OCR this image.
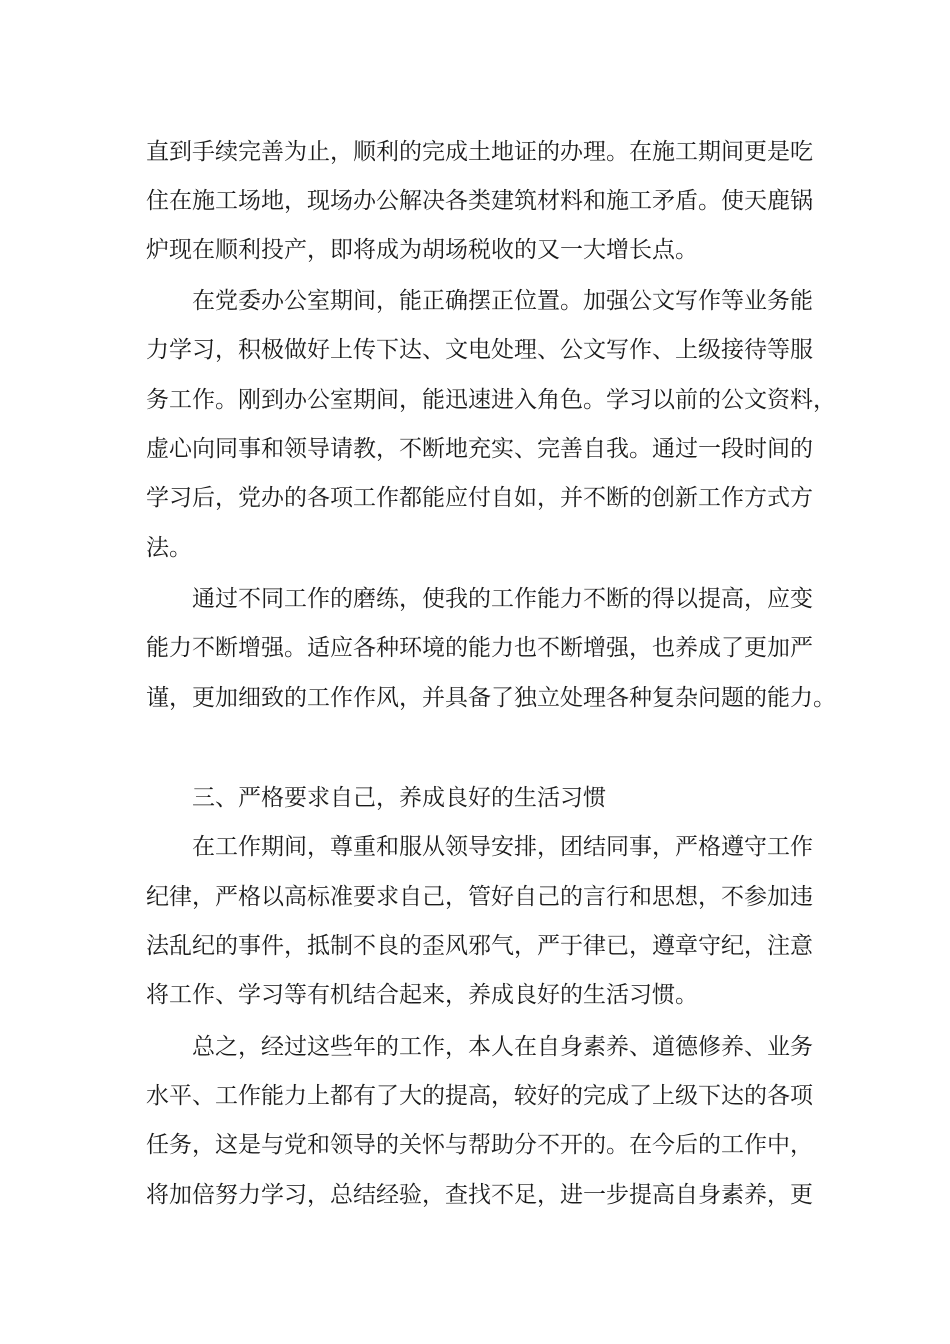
直到手续完善为止，顺利的完成土地证的办理。在施工期间更是吃
住在施工场地，现场办公解决各类建筑材料和施工矛盾。使天鹿锅
炉现在顺利投产，即将成为胡场税收的又一大增长点。
在党委办公室期间，能正确摆正位置。加强公文写作等业务能
力学习，积极做好上传下达、文电处理、公文写作、上级接待等服
务工作。刚到办公室期间，能迅速进入角色。学习以前的公文资料，
虚心向同事和领导请教，不断地充实、完善自我。通过一段时间的
学习后，党办的各项工作都能应付自如，并不断的创新工作方式方
法。
通过不同工作的磨练，使我的工作能力不断的得以提高，应变
能力不断增强。适应各种环境的能力也不断增强，也养成了更加严
谨，更加细致的工作作风，并具备了独立处理各种复杂问题的能力。
三、严格要求自己，养成良好的生活习惯
在工作期间，尊重和服从领导安排，团结同事，严格遵守工作
纪律，严格以高标准要求自己，管好自己的言行和思想，不参加违
法乱纪的事件，抵制不良的歪风邪气，严于律已，遵章守纪，注意
将工作、学习等有机结合起来，养成良好的生活习惯。
总之，经过这些年的工作，本人在自身素养、道德修养、业务
水平、工作能力上都有了大的提高，较好的完成了上级下达的各项
任务，这是与党和领导的关怀与帮助分不开的。在今后的工作中，
将加倍努力学习，总结经验，查找不足，进一步提高自身素养，更
